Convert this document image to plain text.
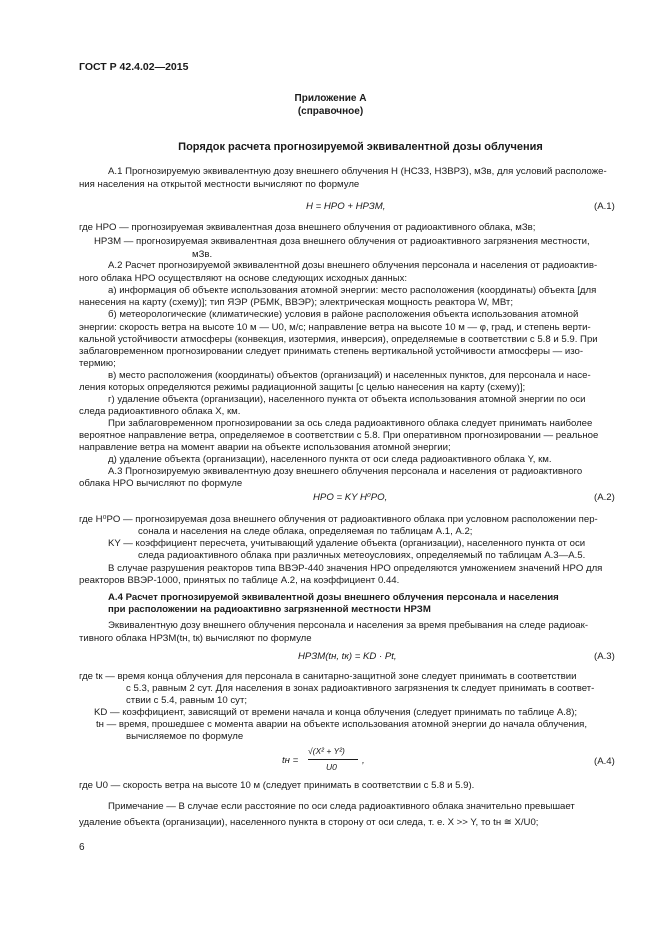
ГОСТ Р 42.4.02—2015
Приложение А
(справочное)
Порядок расчета прогнозируемой эквивалентной дозы облучения
А.1 Прогнозируемую эквивалентную дозу внешнего облучения H (HСЗЗ, HЗВРЗ), мЗв, для условий расположе-
ния населения на открытой местности вычисляют по формуле
H = HPO + HPЗМ,	(А.1)
где HPO — прогнозируемая эквивалентная доза внешнего облучения от радиоактивного облака, мЗв;
HPЗМ — прогнозируемая эквивалентная доза внешнего облучения от радиоактивного загрязнения местности,
мЗв.
А.2 Расчет прогнозируемой эквивалентной дозы внешнего облучения персонала и населения от радиоактив-
ного облака HPO осуществляют на основе следующих исходных данных:
а) информация об объекте использования атомной энергии: место расположения (координаты) объекта [для
нанесения на карту (схему)]; тип ЯЭР (РБМК, ВВЭР); электрическая мощность реактора W, МВт;
б) метеорологические (климатические) условия в районе расположения объекта использования атомной
энергии: скорость ветра на высоте 10 м — U0, м/с; направление ветра на высоте 10 м — φ, град, и степень верти-
кальной устойчивости атмосферы (конвекция, изотермия, инверсия), определяемые в соответствии с 5.8 и 5.9. При
заблаговременном прогнозировании следует принимать степень вертикальной устойчивости атмосферы — изо-
термию;
в) место расположения (координаты) объектов (организаций) и населенных пунктов, для персонала и насе-
ления которых определяются режимы радиационной защиты [с целью нанесения на карту (схему)];
г) удаление объекта (организации), населенного пункта от объекта использования атомной энергии по оси
следа радиоактивного облака X, км.
При заблаговременном прогнозировании за ось следа радиоактивного облака следует принимать наиболее
вероятное направление ветра, определяемое в соответствии с 5.8. При оперативном прогнозировании — реальное
направление ветра на момент аварии на объекте использования атомной энергии;
д) удаление объекта (организации), населенного пункта от оси следа радиоактивного облака Y, км.
А.3 Прогнозируемую эквивалентную дозу внешнего облучения персонала и населения от радиоактивного
облака HPO вычисляют по формуле
HPO = KY H⁰PO,	(А.2)
где H⁰PO — прогнозируемая доза внешнего облучения от радиоактивного облака при условном расположении пер-
сонала и населения на следе облака, определяемая по таблицам А.1, А.2;
KY — коэффициент пересчета, учитывающий удаление объекта (организации), населенного пункта от оси
следа радиоактивного облака при различных метеоусловиях, определяемый по таблицам А.3—А.5.
В случае разрушения реакторов типа ВВЭР-440 значения HPO определяются умножением значений HPO для
реакторов ВВЭР-1000, принятых по таблице А.2, на коэффициент 0.44.
А.4 Расчет прогнозируемой эквивалентной дозы внешнего облучения персонала и населения
при расположении на радиоактивно загрязненной местности HРЗМ
Эквивалентную дозу внешнего облучения персонала и населения за время пребывания на следе радиоак-
тивного облака HРЗМ(tн, tк) вычисляют по формуле
HPЗМ(tн, tк) = KD · Pt,	(А.3)
где tк — время конца облучения для персонала в санитарно-защитной зоне следует принимать в соответствии
с 5.3, равным 2 сут. Для населения в зонах радиоактивного загрязнения tк следует принимать в соответ-
ствии с 5.4, равным 10 сут;
KD — коэффициент, зависящий от времени начала и конца облучения (следует принимать по таблице А.8);
tн — время, прошедшее с момента аварии на объекте использования атомной энергии до начала облучения,
вычисляемое по формуле
tн =
√(X² + Y²)
U0
,	(А.4)
где U0 — скорость ветра на высоте 10 м (следует принимать в соответствии с 5.8 и 5.9).
Примечание — В случае если расстояние по оси следа радиоактивного облака значительно превышает
удаление объекта (организации), населенного пункта в сторону от оси следа, т. е. X >> Y, то tн ≅ X/U0;
6
